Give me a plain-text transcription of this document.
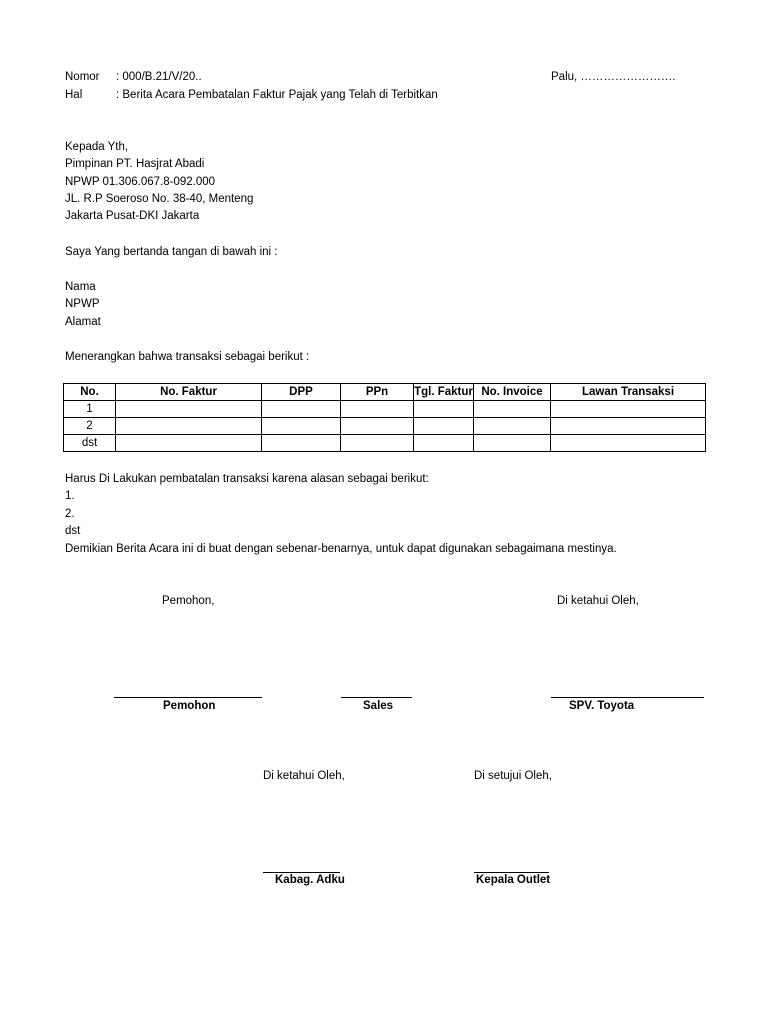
Nomor : 000/B.21/V/20..	Palu, …………………….
Hal	: Berita Acara Pembatalan Faktur Pajak yang Telah di Terbitkan
Kepada Yth,
Pimpinan PT. Hasjrat Abadi
NPWP 01.306.067.8-092.000
JL. R.P Soeroso No. 38-40, Menteng
Jakarta Pusat-DKI Jakarta
Saya Yang bertanda tangan di bawah ini :
Nama
NPWP
Alamat
Menerangkan bahwa transaksi sebagai berikut :
No.	No. Faktur	DPP	PPn	Tgl. Faktur	No. Invoice	Lawan Transaksi
1						
2						
dst						
Harus Di Lakukan pembatalan transaksi karena alasan sebagai berikut:
1.
2.
dst
Demikian Berita Acara ini di buat dengan sebenar-benarnya, untuk dapat digunakan sebagaimana mestinya.
Pemohon,	Di ketahui Oleh,
Pemohon	Sales	SPV. Toyota
Di ketahui Oleh,	Di setujui Oleh,
Kabag. Adku	Kepala Outlet
